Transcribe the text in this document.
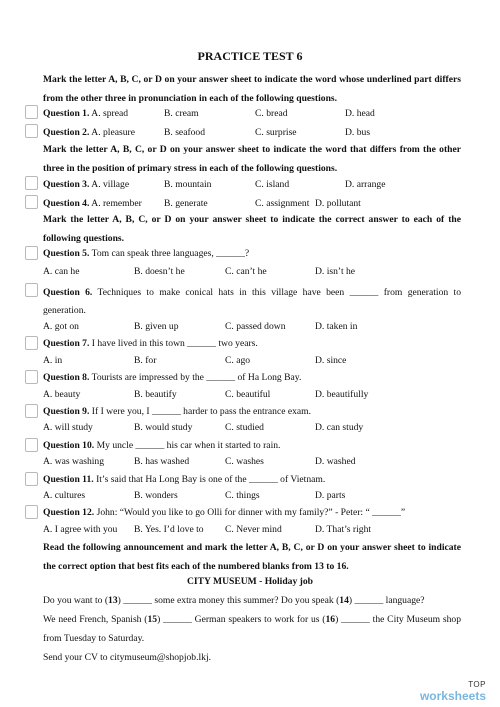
PRACTICE TEST 6
Mark the letter A, B, C, or D on your answer sheet to indicate the word whose underlined part differs from the other three in pronunciation in each of the following questions.
Question 1. A. spread	B. cream	C. bread	D. head
Question 2. A. pleasure	B. seafood	C. surprise	D. bus
Mark the letter A, B, C, or D on your answer sheet to indicate the word that differs from the other three in the position of primary stress in each of the following questions.
Question 3. A. village	B. mountain	C. island	D. arrange
Question 4. A. remember B. generate	C. assignment D. pollutant
Mark the letter A, B, C, or D on your answer sheet to indicate the correct answer to each of the following questions.
Question 5. Tom can speak three languages, ______?
A. can he	B. doesn’t he	C. can’t he	D. isn’t he
Question 6. Techniques to make conical hats in this village have been ______ from generation to generation.
A. got on	B. given up	C. passed down	D. taken in
Question 7. I have lived in this town ______ two years.
A. in	B. for	C. ago	D. since
Question 8. Tourists are impressed by the ______ of Ha Long Bay.
A. beauty	B. beautify	C. beautiful	D. beautifully
Question 9. If I were you, I ______ harder to pass the entrance exam.
A. will study	B. would study	C. studied	D. can study
Question 10. My uncle ______ his car when it started to rain.
A. was washing	B. has washed	C. washes	D. washed
Question 11. It’s said that Ha Long Bay is one of the ______ of Vietnam.
A. cultures	B. wonders	C. things	D. parts
Question 12. John: “Would you like to go Olli for dinner with my family?” - Peter: “ ______”
A. I agree with you B. Yes. I’d love to C. Never mind	D. That’s right
Read the following announcement and mark the letter A, B, C, or D on your answer sheet to indicate the correct option that best fits each of the numbered blanks from 13 to 16.
CITY MUSEUM - Holiday job
Do you want to (13) ______ some extra money this summer? Do you speak (14) ______ language?
We need French, Spanish (15) ______ German speakers to work for us (16) ______ the City Museum shop from Tuesday to Saturday.
Send your CV to citymuseum@shopjob.lkj.
TOP
worksheets
